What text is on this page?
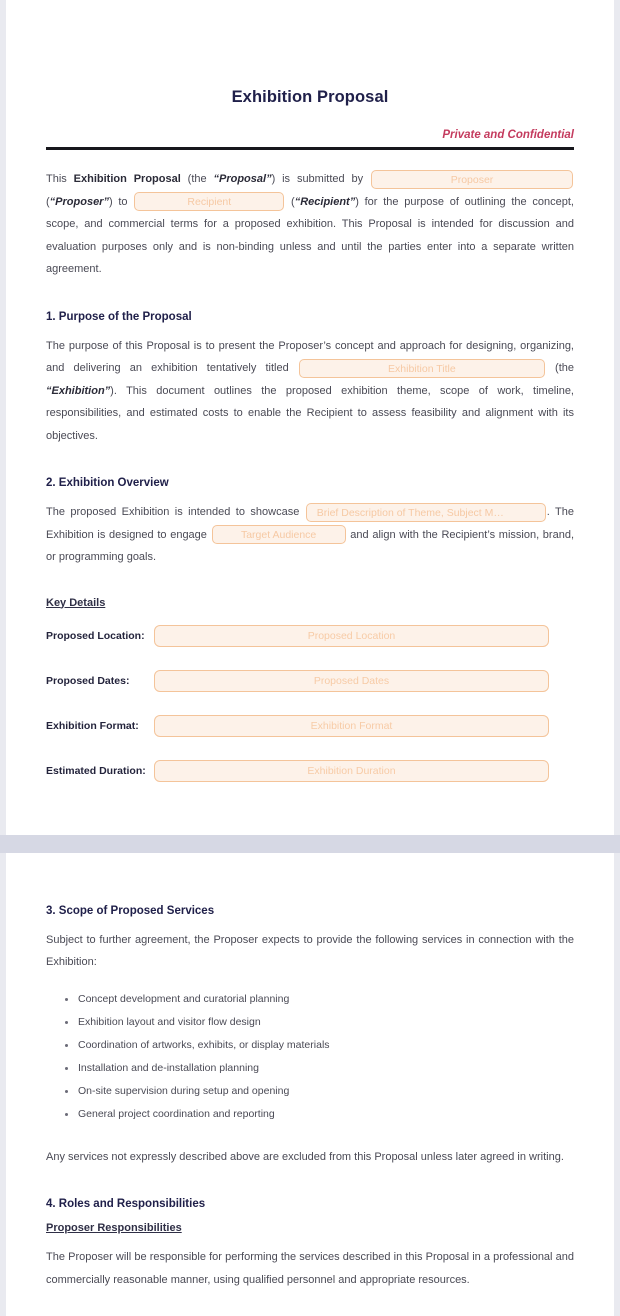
Exhibition Proposal
Private and Confidential

This Exhibition Proposal (the “Proposal”) is submitted by	Proposer (“Proposer”) to	Recipient	(“Recipient”) for the purpose of outlining the concept, scope, and commercial terms for a proposed exhibition. This Proposal is intended for discussion and evaluation purposes only and is non-binding unless and until the parties enter into a separate written agreement.

1. Purpose of the Proposal

The purpose of this Proposal is to present the Proposer’s concept and approach for designing, organizing, and delivering an exhibition tentatively titled	Exhibition Title	(the “Exhibition”). This document outlines the proposed exhibition theme, scope of work, timeline, responsibilities, and estimated costs to enable the Recipient to assess feasibility and alignment with its objectives.

2. Exhibition Overview

The proposed Exhibition is intended to showcase Brief Description of Theme, Subject M…	. The Exhibition is designed to engage	Target Audience	and align with the Recipient’s mission, brand, or programming goals.

Key Details
Proposed Location:	Proposed Location
Proposed Dates:	Proposed Dates
Exhibition Format:	Exhibition Format
Estimated Duration:	Exhibition Duration
3. Scope of Proposed Services

Subject to further agreement, the Proposer expects to provide the following services in connection with the Exhibition:

Concept development and curatorial planning
Exhibition layout and visitor flow design
Coordination of artworks, exhibits, or display materials
Installation and de-installation planning
On-site supervision during setup and opening
General project coordination and reporting

Any services not expressly described above are excluded from this Proposal unless later agreed in writing.

4. Roles and Responsibilities
Proposer Responsibilities

The Proposer will be responsible for performing the services described in this Proposal in a professional and commercially reasonable manner, using qualified personnel and appropriate resources.
